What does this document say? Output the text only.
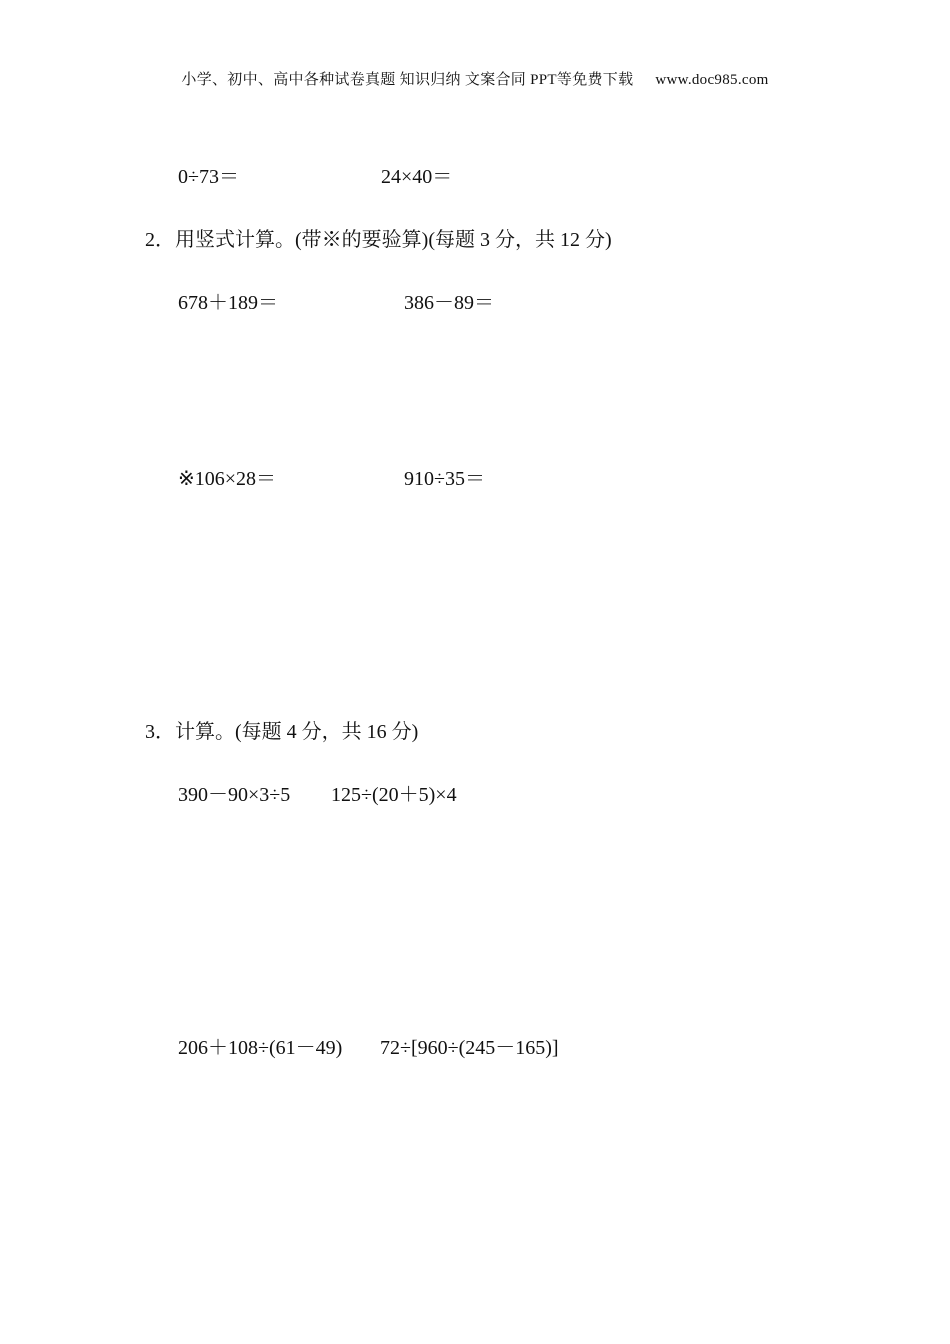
小学、初中、高中各种试卷真题 知识归纳 文案合同 PPT等免费下载 www.doc985.com
0÷73＝	24×40＝
2．用竖式计算。(带※的要验算)(每题 3 分，共 12 分)
678＋189＝	386－89＝
※106×28＝	910÷35＝
3．计算。(每题 4 分，共 16 分)
390－90×3÷5 125÷(20＋5)×4
206＋108÷(61－49) 72÷[960÷(245－165)]
